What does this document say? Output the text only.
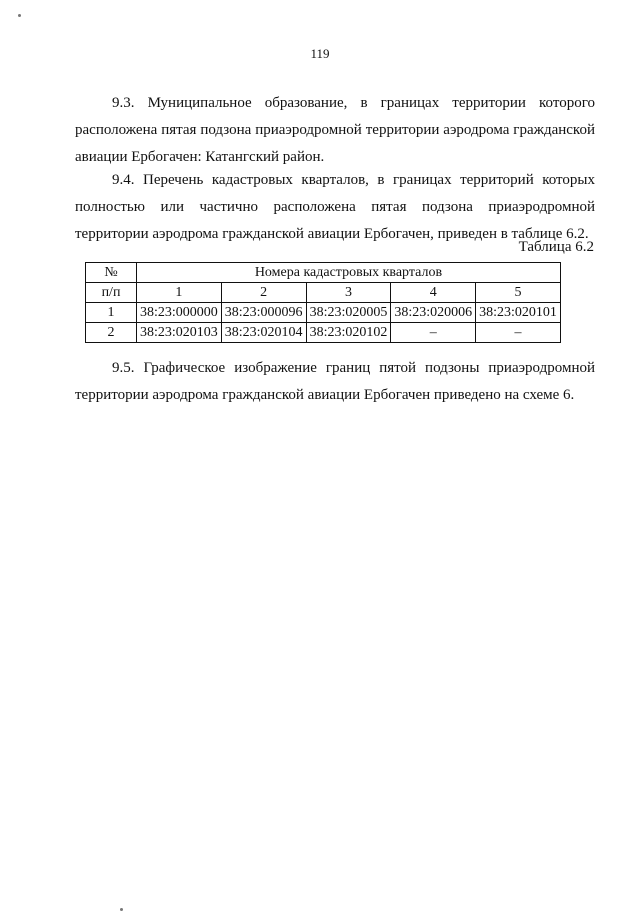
119

9.3. Муниципальное образование, в границах территории которого расположена пятая подзона приаэродромной территории аэродрома гражданской авиации Ербогачен: Катангский район.

9.4. Перечень кадастровых кварталов, в границах территорий которых полностью или частично расположена пятая подзона приаэродромной территории аэродрома гражданской авиации Ербогачен, приведен в таблице 6.2.

Таблица 6.2
№	Номера кадастровых кварталов				
п/п	1	2	3	4	5
1	38:23:000000	38:23:000096	38:23:020005	38:23:020006	38:23:020101
2	38:23:020103	38:23:020104	38:23:020102	–	–

9.5. Графическое изображение границ пятой подзоны приаэродромной территории аэродрома гражданской авиации Ербогачен приведено на схеме 6.
